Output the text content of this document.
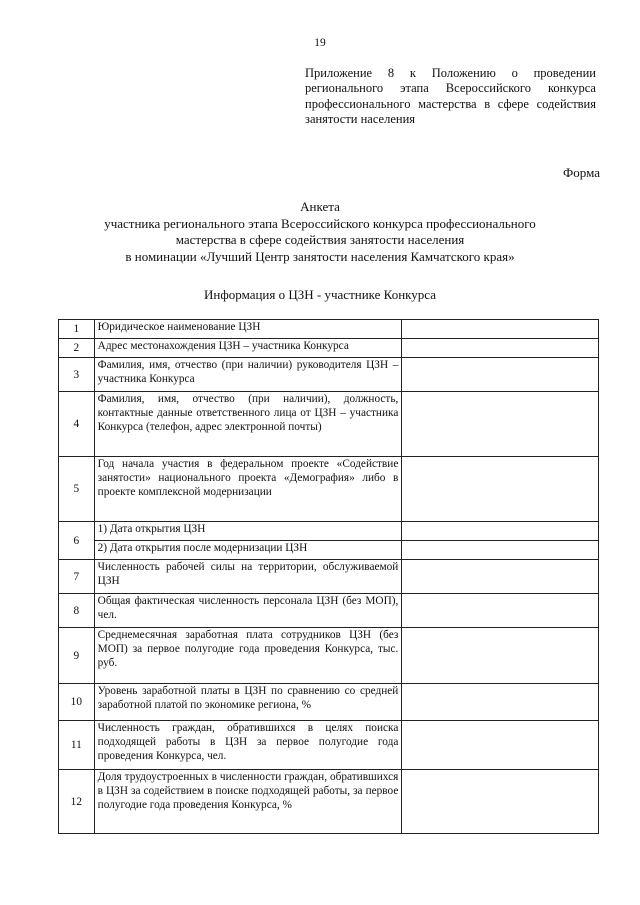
19
Приложение 8 к Положению о проведении регионального этапа Всероссийского конкурса профессионального мастерства в сфере содействия занятости населения
Форма
Анкета
участника регионального этапа Всероссийского конкурса профессионального
мастерства в сфере содействия занятости населения
в номинации «Лучший Центр занятости населения Камчатского края»
Информация о ЦЗН - участнике Конкурса
1	Юридическое наименование ЦЗН	
2	Адрес местонахождения ЦЗН – участника Конкурса	
3	Фамилия, имя, отчество (при наличии) руководителя ЦЗН – участника Конкурса	
4	Фамилия, имя, отчество (при наличии), должность, контактные данные ответственного лица от ЦЗН – участника Конкурса (телефон, адрес электронной почты)	
5	Год начала участия в федеральном проекте «Содействие занятости» национального проекта «Демография» либо в проекте комплексной модернизации	
6	1) Дата открытия ЦЗН	
	2) Дата открытия после модернизации ЦЗН	
7	Численность рабочей силы на территории, обслуживаемой ЦЗН	
8	Общая фактическая численность персонала ЦЗН (без МОП), чел.	
9	Среднемесячная заработная плата сотрудников ЦЗН (без МОП) за первое полугодие года проведения Конкурса, тыс. руб.	
10	Уровень заработной платы в ЦЗН по сравнению со средней заработной платой по экономике региона, %	
11	Численность граждан, обратившихся в целях поиска подходящей работы в ЦЗН за первое полугодие года проведения Конкурса, чел.	
12	Доля трудоустроенных в численности граждан, обратившихся в ЦЗН за содействием в поиске подходящей работы, за первое полугодие года проведения Конкурса, %	
